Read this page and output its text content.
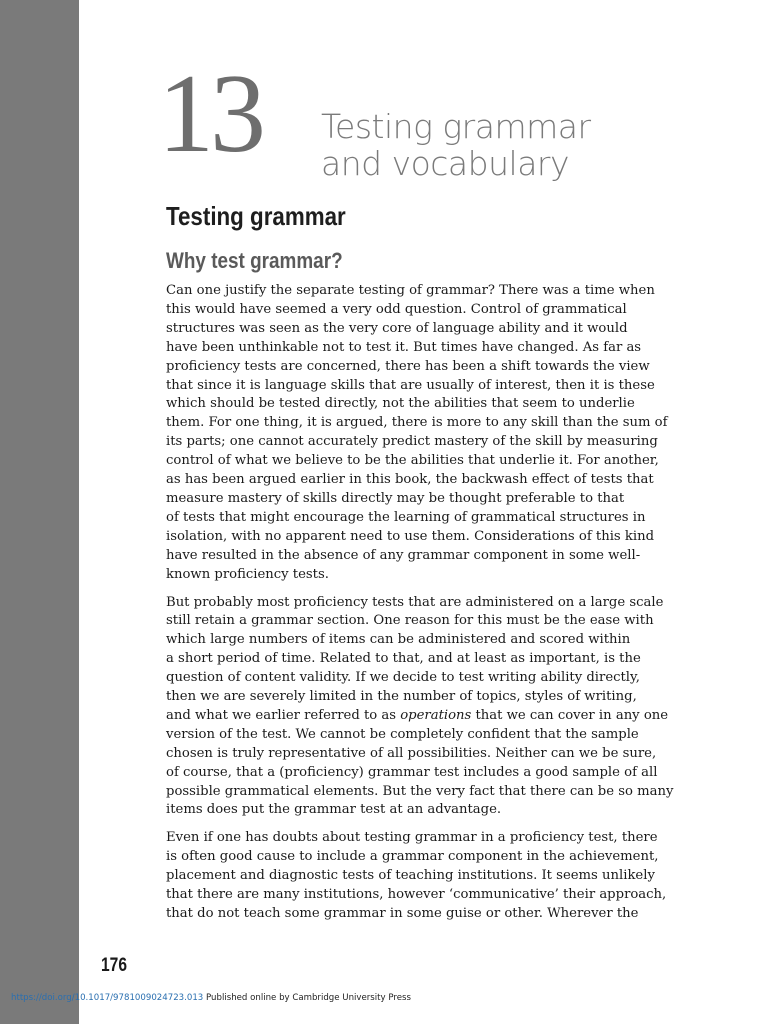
13 Testing grammar
and vocabulary
Testing grammar
Why test grammar?

Can one justify the separate testing of grammar? There was a time when
this would have seemed a very odd question. Control of grammatical
structures was seen as the very core of language ability and it would
have been unthinkable not to test it. But times have changed. As far as
proficiency tests are concerned, there has been a shift towards the view
that since it is language skills that are usually of interest, then it is these
which should be tested directly, not the abilities that seem to underlie
them. For one thing, it is argued, there is more to any skill than the sum of
its parts; one cannot accurately predict mastery of the skill by measuring
control of what we believe to be the abilities that underlie it. For another,
as has been argued earlier in this book, the backwash effect of tests that
measure mastery of skills directly may be thought preferable to that
of tests that might encourage the learning of grammatical structures in
isolation, with no apparent need to use them. Considerations of this kind
have resulted in the absence of any grammar component in some well-
known proficiency tests.

But probably most proficiency tests that are administered on a large scale
still retain a grammar section. One reason for this must be the ease with
which large numbers of items can be administered and scored within
a short period of time. Related to that, and at least as important, is the
question of content validity. If we decide to test writing ability directly,
then we are severely limited in the number of topics, styles of writing,
and what we earlier referred to as operations that we can cover in any one
version of the test. We cannot be completely confident that the sample
chosen is truly representative of all possibilities. Neither can we be sure,
of course, that a (proficiency) grammar test includes a good sample of all
possible grammatical elements. But the very fact that there can be so many
items does put the grammar test at an advantage.

Even if one has doubts about testing grammar in a proficiency test, there
is often good cause to include a grammar component in the achievement,
placement and diagnostic tests of teaching institutions. It seems unlikely
that there are many institutions, however ‘communicative’ their approach,
that do not teach some grammar in some guise or other. Wherever the

176
https://doi.org/10.1017/9781009024723.013 Published online by Cambridge University Press
